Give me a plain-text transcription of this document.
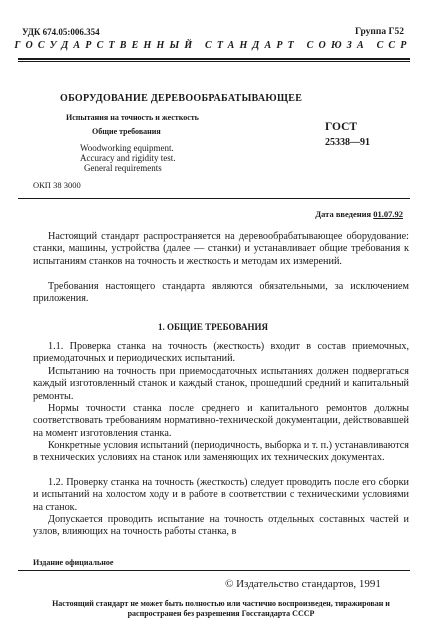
УДК 674.05:006.354	Группа Г52
ГОСУДАРСТВЕННЫЙ СТАНДАРТ СОЮЗА ССР
ОБОРУДОВАНИЕ ДЕРЕВООБРАБАТЫВАЮЩЕЕ
Испытания на точность и жесткость
Общие требования
Woodworking equipment.
Accuracy and rigidity test.
General requirements
ГОСТ
25338—91
ОКП 38 3000
Дата введения 01.07.92
Настоящий стандарт распространяется на деревообрабатывающее оборудование: станки, машины, устройства (далее — станки) и устанавливает общие требования к испытаниям станков на точность и жесткость и методам их измерений.
Требования настоящего стандарта являются обязательными, за исключением приложения.
1. ОБЩИЕ ТРЕБОВАНИЯ
1.1. Проверка станка на точность (жесткость) входит в состав приемочных, приемодаточных и периодических испытаний.
Испытанию на точность при приемосдаточных испытаниях должен подвергаться каждый изготовленный станок и каждый станок, прошедший средний и капитальный ремонты.
Нормы точности станка после среднего и капитального ремонтов должны соответствовать требованиям нормативно-технической документации, действовавшей на момент изготовления станка.
Конкретные условия испытаний (периодичность, выборка и т. п.) устанавливаются в технических условиях на станок или заменяющих их технических документах.
1.2. Проверку станка на точность (жесткость) следует проводить после его сборки и испытаний на холостом ходу и в работе в соответствии с техническими условиями на станок.
Допускается проводить испытание на точность отдельных составных частей и узлов, влияющих на точность работы станка, в
Издание официальное
© Издательство стандартов, 1991
Настоящий стандарт не может быть полностью или частично воспроизведен, тиражирован и распространен без разрешения Госстандарта СССР
